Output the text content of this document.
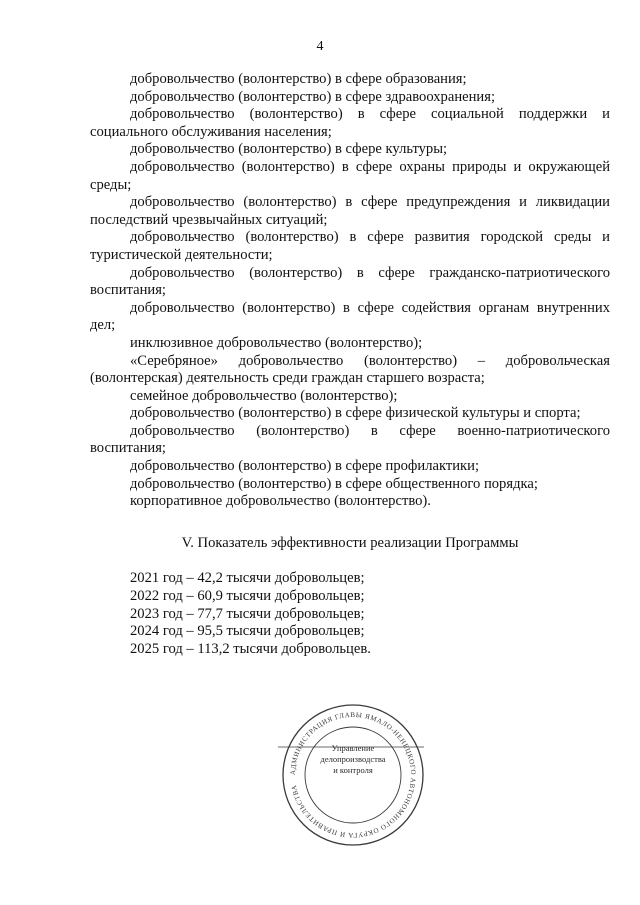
4

добровольчество (волонтерство) в сфере образования;

добровольчество (волонтерство) в сфере здравоохранения;

добровольчество (волонтерство) в сфере социальной поддержки и социального обслуживания населения;

добровольчество (волонтерство) в сфере культуры;

добровольчество (волонтерство) в сфере охраны природы и окружающей среды;

добровольчество (волонтерство) в сфере предупреждения и ликвидации последствий чрезвычайных ситуаций;

добровольчество (волонтерство) в сфере развития городской среды и туристической деятельности;

добровольчество (волонтерство) в сфере гражданско-патриотического воспитания;

добровольчество (волонтерство) в сфере содействия органам внутренних дел;

инклюзивное добровольчество (волонтерство);

«Серебряное» добровольчество (волонтерство) – добровольческая (волонтерская) деятельность среди граждан старшего возраста;

семейное добровольчество (волонтерство);

добровольчество (волонтерство) в сфере физической культуры и спорта;

добровольчество (волонтерство) в сфере военно-патриотического воспитания;

добровольчество (волонтерство) в сфере профилактики;

добровольчество (волонтерство) в сфере общественного порядка;

корпоративное добровольчество (волонтерство).

V. Показатель эффективности реализации Программы

2021 год – 42,2 тысячи добровольцев;

2022 год – 60,9 тысячи добровольцев;

2023 год – 77,7 тысячи добровольцев;

2024 год – 95,5 тысячи добровольцев;

2025 год – 113,2 тысячи добровольцев.

АДМИНИСТРАЦИЯ ГЛАВЫ ЯМАЛО-НЕНЕЦКОГО АВТОНОМНОГО ОКРУГА И ПРАВИТЕЛЬСТВА
Управление
делопроизводства
и контроля
